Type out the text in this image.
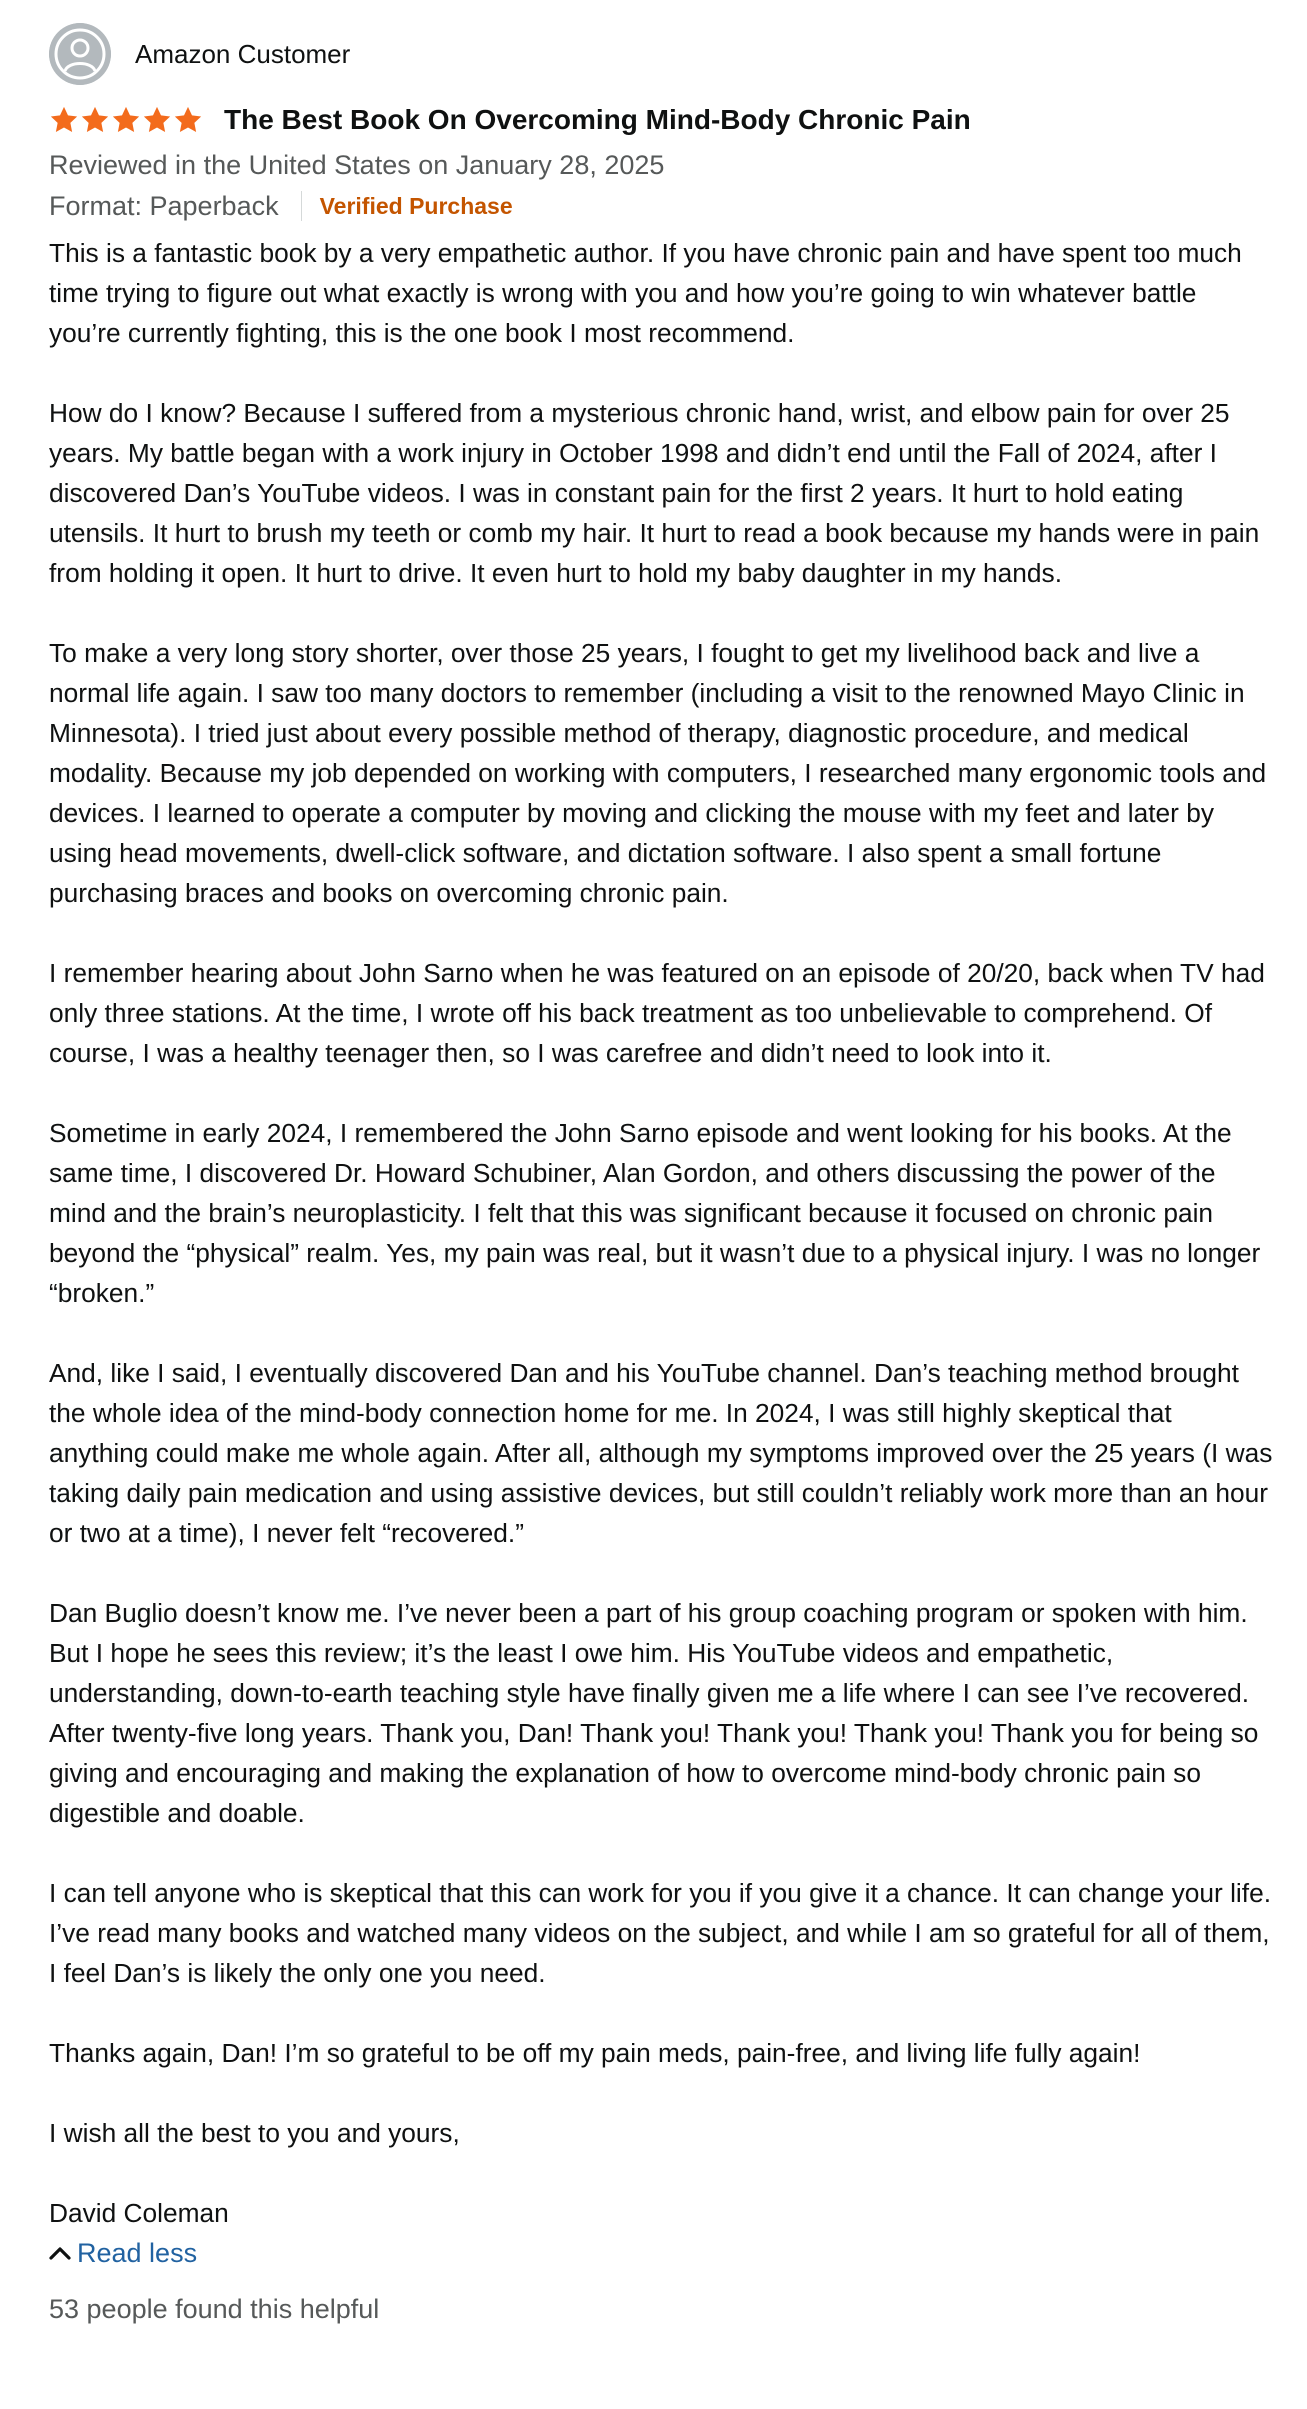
Amazon Customer
The Best Book On Overcoming Mind-Body Chronic Pain
Reviewed in the United States on January 28, 2025
Format: Paperback Verified Purchase

This is a fantastic book by a very empathetic author. If you have chronic pain and have spent too much time trying to figure out what exactly is wrong with you and how you’re going to win whatever battle you’re currently fighting, this is the one book I most recommend.

How do I know? Because I suffered from a mysterious chronic hand, wrist, and elbow pain for over 25 years. My battle began with a work injury in October 1998 and didn’t end until the Fall of 2024, after I discovered Dan’s YouTube videos. I was in constant pain for the first 2 years. It hurt to hold eating utensils. It hurt to brush my teeth or comb my hair. It hurt to read a book because my hands were in pain from holding it open. It hurt to drive. It even hurt to hold my baby daughter in my hands.

To make a very long story shorter, over those 25 years, I fought to get my livelihood back and live a normal life again. I saw too many doctors to remember (including a visit to the renowned Mayo Clinic in Minnesota). I tried just about every possible method of therapy, diagnostic procedure, and medical modality. Because my job depended on working with computers, I researched many ergonomic tools and devices. I learned to operate a computer by moving and clicking the mouse with my feet and later by using head movements, dwell-click software, and dictation software. I also spent a small fortune purchasing braces and books on overcoming chronic pain.

I remember hearing about John Sarno when he was featured on an episode of 20/20, back when TV had only three stations. At the time, I wrote off his back treatment as too unbelievable to comprehend. Of course, I was a healthy teenager then, so I was carefree and didn’t need to look into it.

Sometime in early 2024, I remembered the John Sarno episode and went looking for his books. At the same time, I discovered Dr. Howard Schubiner, Alan Gordon, and others discussing the power of the mind and the brain’s neuroplasticity. I felt that this was significant because it focused on chronic pain beyond the “physical” realm. Yes, my pain was real, but it wasn’t due to a physical injury. I was no longer “broken.”

And, like I said, I eventually discovered Dan and his YouTube channel. Dan’s teaching method brought the whole idea of the mind-body connection home for me. In 2024, I was still highly skeptical that anything could make me whole again. After all, although my symptoms improved over the 25 years (I was taking daily pain medication and using assistive devices, but still couldn’t reliably work more than an hour or two at a time), I never felt “recovered.”

Dan Buglio doesn’t know me. I’ve never been a part of his group coaching program or spoken with him. But I hope he sees this review; it’s the least I owe him. His YouTube videos and empathetic, understanding, down-to-earth teaching style have finally given me a life where I can see I’ve recovered. After twenty-five long years. Thank you, Dan! Thank you! Thank you! Thank you! Thank you for being so giving and encouraging and making the explanation of how to overcome mind-body chronic pain so digestible and doable.

I can tell anyone who is skeptical that this can work for you if you give it a chance. It can change your life. I’ve read many books and watched many videos on the subject, and while I am so grateful for all of them, I feel Dan’s is likely the only one you need.

Thanks again, Dan! I’m so grateful to be off my pain meds, pain-free, and living life fully again!

I wish all the best to you and yours,

David Coleman

Read less
53 people found this helpful
